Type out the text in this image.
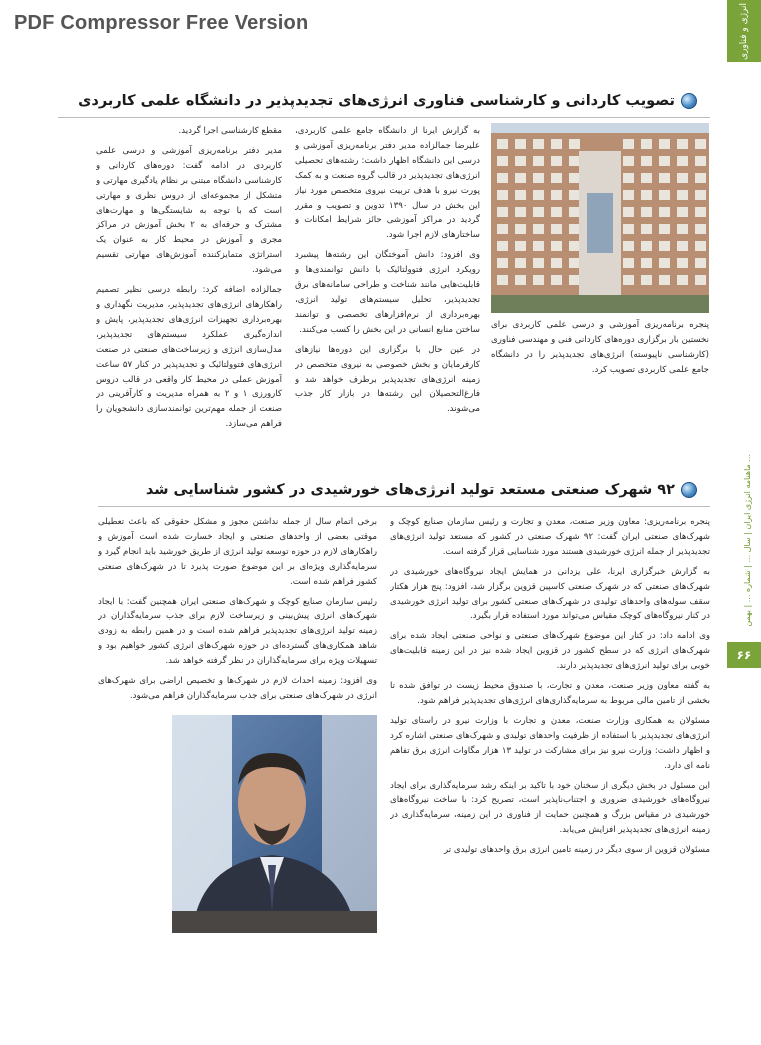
PDF Compressor Free Version	انرژی و فناوری
ماهنامه انرژی ایران | سال ... | شماره ... | بهمن ...
۶۶
تصویب کاردانی و کارشناسی فناوری انرژی‌های تجدیدپذیر در دانشگاه علمی کاربردی

پنجره برنامه‌ریزی آموزشی و درسی علمی کاربردی برای نخستین بار برگزاری دوره‌های کاردانی فنی و مهندسی فناوری (کارشناسی ناپیوسته) انرژی‌های تجدیدپذیر را در دانشگاه جامع علمی کاربردی تصویب کرد.

به گزارش ایرنا از دانشگاه جامع علمی کاربردی، علیرضا جمالزاده مدیر دفتر برنامه‌ریزی آموزشی و درسی این دانشگاه اظهار داشت: رشته‌های تحصیلی انرژی‌های تجدیدپذیر در قالب گروه صنعت و به کمک پورت نیرو با هدف تربیت نیروی متخصص مورد نیاز این بخش در سال ۱۳۹۰ تدوین و تصویب و مقرر گردید در مراکز آموزشی حائز شرایط امکانات و ساختارهای لازم اجرا شود.

وی افزود: دانش آموختگان این رشته‌ها پیشبرد رویکرد انرژی فتوولتائیک با دانش توانمندی‌ها و قابلیت‌هایی مانند شناخت و طراحی سامانه‌های برق تجدیدپذیر، تحلیل سیستم‌های تولید انرژی، بهره‌برداری از نرم‌افزارهای تخصصی و توانمند ساختن منابع انسانی در این بخش را کسب می‌کنند.

در عین حال با برگزاری این دوره‌ها نیازهای کارفرمایان و بخش خصوصی به نیروی متخصص در زمینه انرژی‌های تجدیدپذیر برطرف خواهد شد و فارغ‌التحصیلان این رشته‌ها در بازار کار جذب می‌شوند.

مقطع کارشناسی اجرا گردید.

مدیر دفتر برنامه‌ریزی آموزشی و درسی علمی کاربردی در ادامه گفت: دوره‌های کاردانی و کارشناسی دانشگاه مبتنی بر نظام یادگیری مهارتی و متشکل از مجموعه‌ای از دروس نظری و مهارتی است که با توجه به شایستگی‌ها و مهارت‌های مشترک و حرفه‌ای به ۲ بخش آموزش در مراکز مجری و آموزش در محیط کار به عنوان یک استراتژی متمایزکننده آموزش‌های مهارتی تقسیم می‌شود.

جمالزاده اضافه کرد: رابطه درسی نظیر تصمیم راهکارهای انرژی‌های تجدیدپذیر، مدیریت نگهداری و بهره‌برداری تجهیزات انرژی‌های تجدیدپذیر، پایش و اندازه‌گیری عملکرد سیستم‌های تجدیدپذیر، مدل‌سازی انرژی و زیرساخت‌های صنعتی در صنعت انرژی‌های فتوولتائیک و تجدیدپذیر در کنار ۵۷ ساعت آموزش عملی در محیط کار واقعی در قالب دروس کارورزی ۱ و ۲ به همراه مدیریت و کارآفرینی در صنعت از جمله مهم‌ترین توانمندسازی دانشجویان را فراهم می‌سازد.

۹۲ شهرک صنعتی مستعد تولید انرژی‌های خورشیدی در کشور شناسایی شد

پنجره برنامه‌ریزی: معاون وزیر صنعت، معدن و تجارت و رئیس سازمان صنایع کوچک و شهرک‌های صنعتی ایران گفت: ۹۲ شهرک صنعتی در کشور که مستعد تولید انرژی‌های تجدیدپذیر از جمله انرژی خورشیدی هستند مورد شناسایی قرار گرفته است.

به گزارش خبرگزاری ایرنا، علی یزدانی در همایش ایجاد نیروگاه‌های خورشیدی در شهرک‌های صنعتی که در شهرک صنعتی کاسپین قزوین برگزار شد، افزود: پنج هزار هکتار سقف سوله‌های واحدهای تولیدی در شهرک‌های صنعتی کشور برای تولید انرژی خورشیدی در کنار نیروگاه‌های کوچک مقیاس می‌تواند مورد استفاده قرار بگیرد.

وی ادامه داد: در کنار این موضوع شهرک‌های صنعتی و نواحی صنعتی ایجاد شده برای شهرک‌های انرژی که در سطح کشور در قزوین ایجاد شده نیز در این زمینه قابلیت‌های خوبی برای تولید انرژی‌های تجدیدپذیر دارند.

به گفته معاون وزیر صنعت، معدن و تجارت، با صندوق محیط زیست در توافق شده تا بخشی از تامین مالی مربوط به سرمایه‌گذاری‌های انرژی‌های تجدیدپذیر فراهم شود.

مسئولان به همکاری وزارت صنعت، معدن و تجارت با وزارت نیرو در راستای تولید انرژی‌های تجدیدپذیر با استفاده از ظرفیت واحدهای تولیدی و شهرک‌های صنعتی اشاره کرد و اظهار داشت: وزارت نیرو نیز برای مشارکت در تولید ۱۳ هزار مگاوات انرژی برق تفاهم نامه ای دارد.

این مسئول در بخش دیگری از سخنان خود با تاکید بر اینکه رشد سرمایه‌گذاری برای ایجاد نیروگاه‌های خورشیدی ضروری و اجتناب‌ناپذیر است، تصریح کرد: با ساخت نیروگاه‌های خورشیدی در مقیاس بزرگ و همچنین حمایت از فناوری در این زمینه، سرمایه‌گذاری در زمینه انرژی‌های تجدیدپذیر افزایش می‌یابد.

مسئولان قزوین از سوی دیگر در زمینه تامین انرژی برق واحدهای تولیدی تر

برخی اتمام سال از جمله نداشتن مجوز و مشکل حقوقی که باعث تعطیلی موقتی بعضی از واحدهای صنعتی و ایجاد خسارت شده است آموزش و راهکارهای لازم در حوزه توسعه تولید انرژی از طریق خورشید باید انجام گیرد و سرمایه‌گذاری ویژه‌ای بر این موضوع صورت پذیرد تا در شهرک‌های صنعتی کشور فراهم شده است.

رئیس سازمان صنایع کوچک و شهرک‌های صنعتی ایران همچنین گفت: با ایجاد شهرک‌های انرژی پیش‌بینی و زیرساخت لازم برای جذب سرمایه‌گذاران در زمینه تولید انرژی‌های تجدیدپذیر فراهم شده است و در همین رابطه به زودی شاهد همکاری‌های گسترده‌ای در حوزه شهرک‌های انرژی کشور خواهیم بود و تسهیلات ویژه برای سرمایه‌گذاران در نظر گرفته خواهد شد.

وی افزود: زمینه احداث لازم در شهرک‌ها و تخصیص اراضی برای شهرک‌های انرژی در شهرک‌های صنعتی برای جذب سرمایه‌گذاران فراهم می‌شود.
